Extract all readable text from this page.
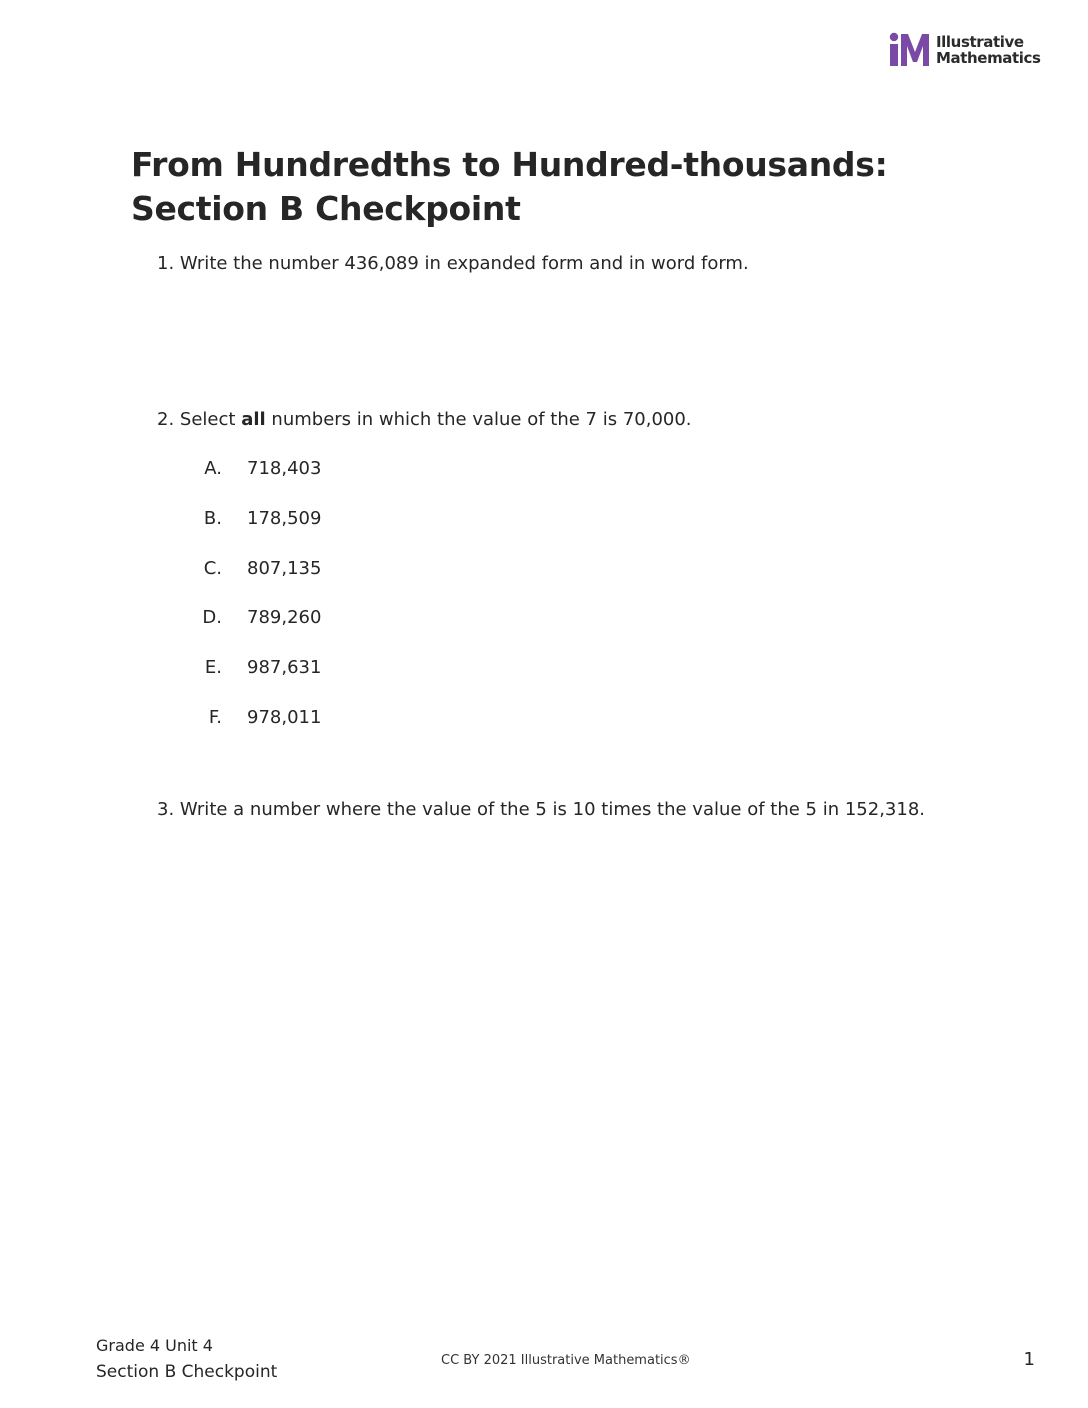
Illustrative
Mathematics
From Hundredths to Hundred-thousands:
Section B Checkpoint
1. Write the number 436,089 in expanded form and in word form.
2. Select all numbers in which the value of the 7 is 70,000.
A. 718,403
B. 178,509
C. 807,135
D. 789,260
E. 987,631
F. 978,011
3. Write a number where the value of the 5 is 10 times the value of the 5 in 152,318.
Grade 4 Unit 4
Section B Checkpoint
CC BY 2021 Illustrative Mathematics®	1
